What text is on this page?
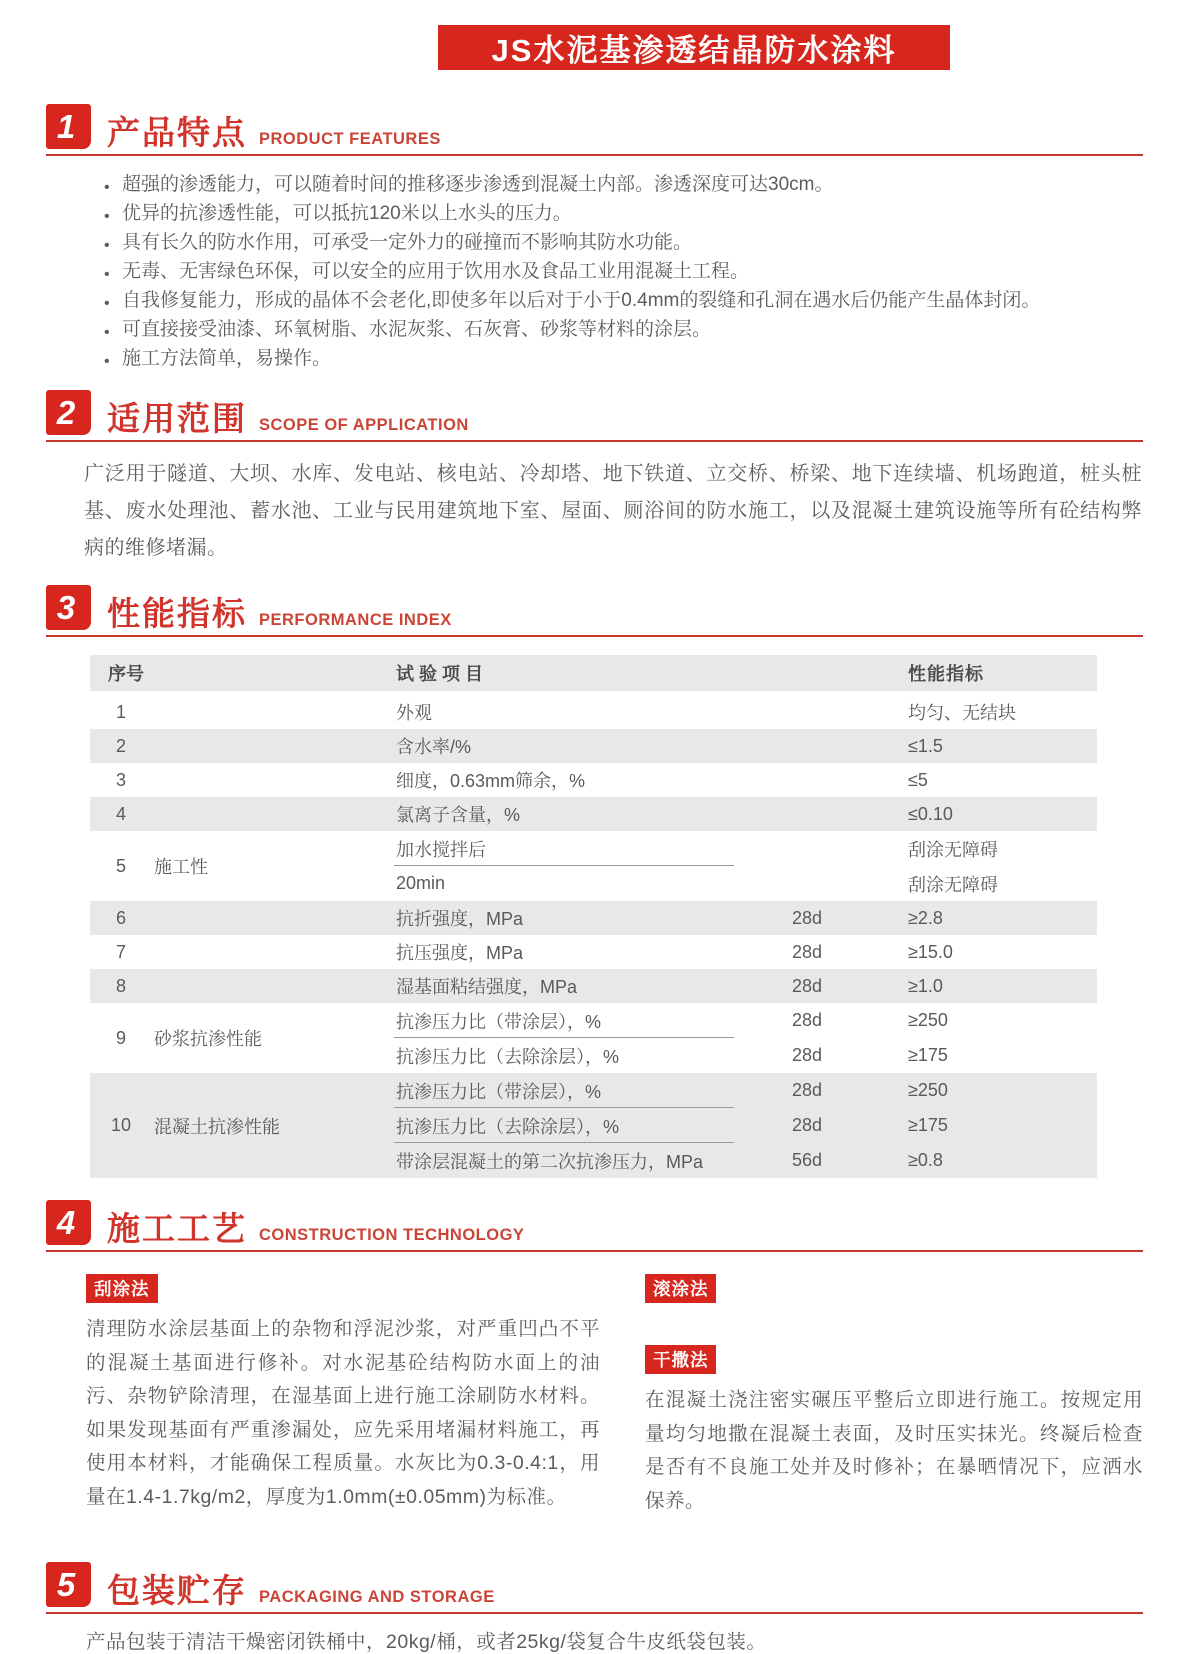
JS水泥基渗透结晶防水涂料
1 产品特点 PRODUCT FEATURES
• 超强的渗透能力，可以随着时间的推移逐步渗透到混凝土内部。渗透深度可达30cm。
• 优异的抗渗透性能，可以抵抗120米以上水头的压力。
• 具有长久的防水作用，可承受一定外力的碰撞而不影响其防水功能。
• 无毒、无害绿色环保，可以安全的应用于饮用水及食品工业用混凝土工程。
• 自我修复能力，形成的晶体不会老化,即使多年以后对于小于0.4mm的裂缝和孔洞在遇水后仍能产生晶体封闭。
• 可直接接受油漆、环氧树脂、水泥灰浆、石灰膏、砂浆等材料的涂层。
• 施工方法简单，易操作。
2 适用范围 SCOPE OF APPLICATION
广泛用于隧道、大坝、水库、发电站、核电站、冷却塔、地下铁道、立交桥、桥梁、地下连续墙、机场跑道，桩头桩基、废水处理池、蓄水池、工业与民用建筑地下室、屋面、厕浴间的防水施工，以及混凝土建筑设施等所有砼结构弊病的维修堵漏。
3 性能指标 PERFORMANCE INDEX
序号	试验项目	性能指标
1	外观	均匀、无结块
2	含水率/%	≤1.5
3	细度，0.63mm筛余，%	≤5
4	氯离子含量，%	≤0.10
5	施工性
加水搅拌后	刮涂无障碍
20min	刮涂无障碍
6	抗折强度，MPa	28d	≥2.8
7	抗压强度，MPa	28d	≥15.0
8	湿基面粘结强度，MPa	28d	≥1.0
9	砂浆抗渗性能
抗渗压力比（带涂层），%	28d	≥250
抗渗压力比（去除涂层），%	28d	≥175
10	混凝土抗渗性能
抗渗压力比（带涂层），%	28d	≥250
抗渗压力比（去除涂层），%	28d	≥175
带涂层混凝土的第二次抗渗压力，MPa	56d	≥0.8
4 施工工艺 CONSTRUCTION TECHNOLOGY
刮涂法
清理防水涂层基面上的杂物和浮泥沙浆，对严重凹凸不平的混凝土基面进行修补。对水泥基砼结构防水面上的油污、杂物铲除清理，在湿基面上进行施工涂刷防水材料。如果发现基面有严重渗漏处，应先采用堵漏材料施工，再使用本材料，才能确保工程质量。水灰比为0.3-0.4:1，用量在1.4-1.7kg/m2，厚度为1.0mm(±0.05mm)为标准。
滚涂法
干撒法
在混凝土浇注密实碾压平整后立即进行施工。按规定用量均匀地撒在混凝土表面，及时压实抹光。终凝后检查是否有不良施工处并及时修补；在暴晒情况下，应洒水保养。
5 包装贮存 PACKAGING AND STORAGE
产品包装于清洁干燥密闭铁桶中，20kg/桶，或者25kg/袋复合牛皮纸袋包装。
